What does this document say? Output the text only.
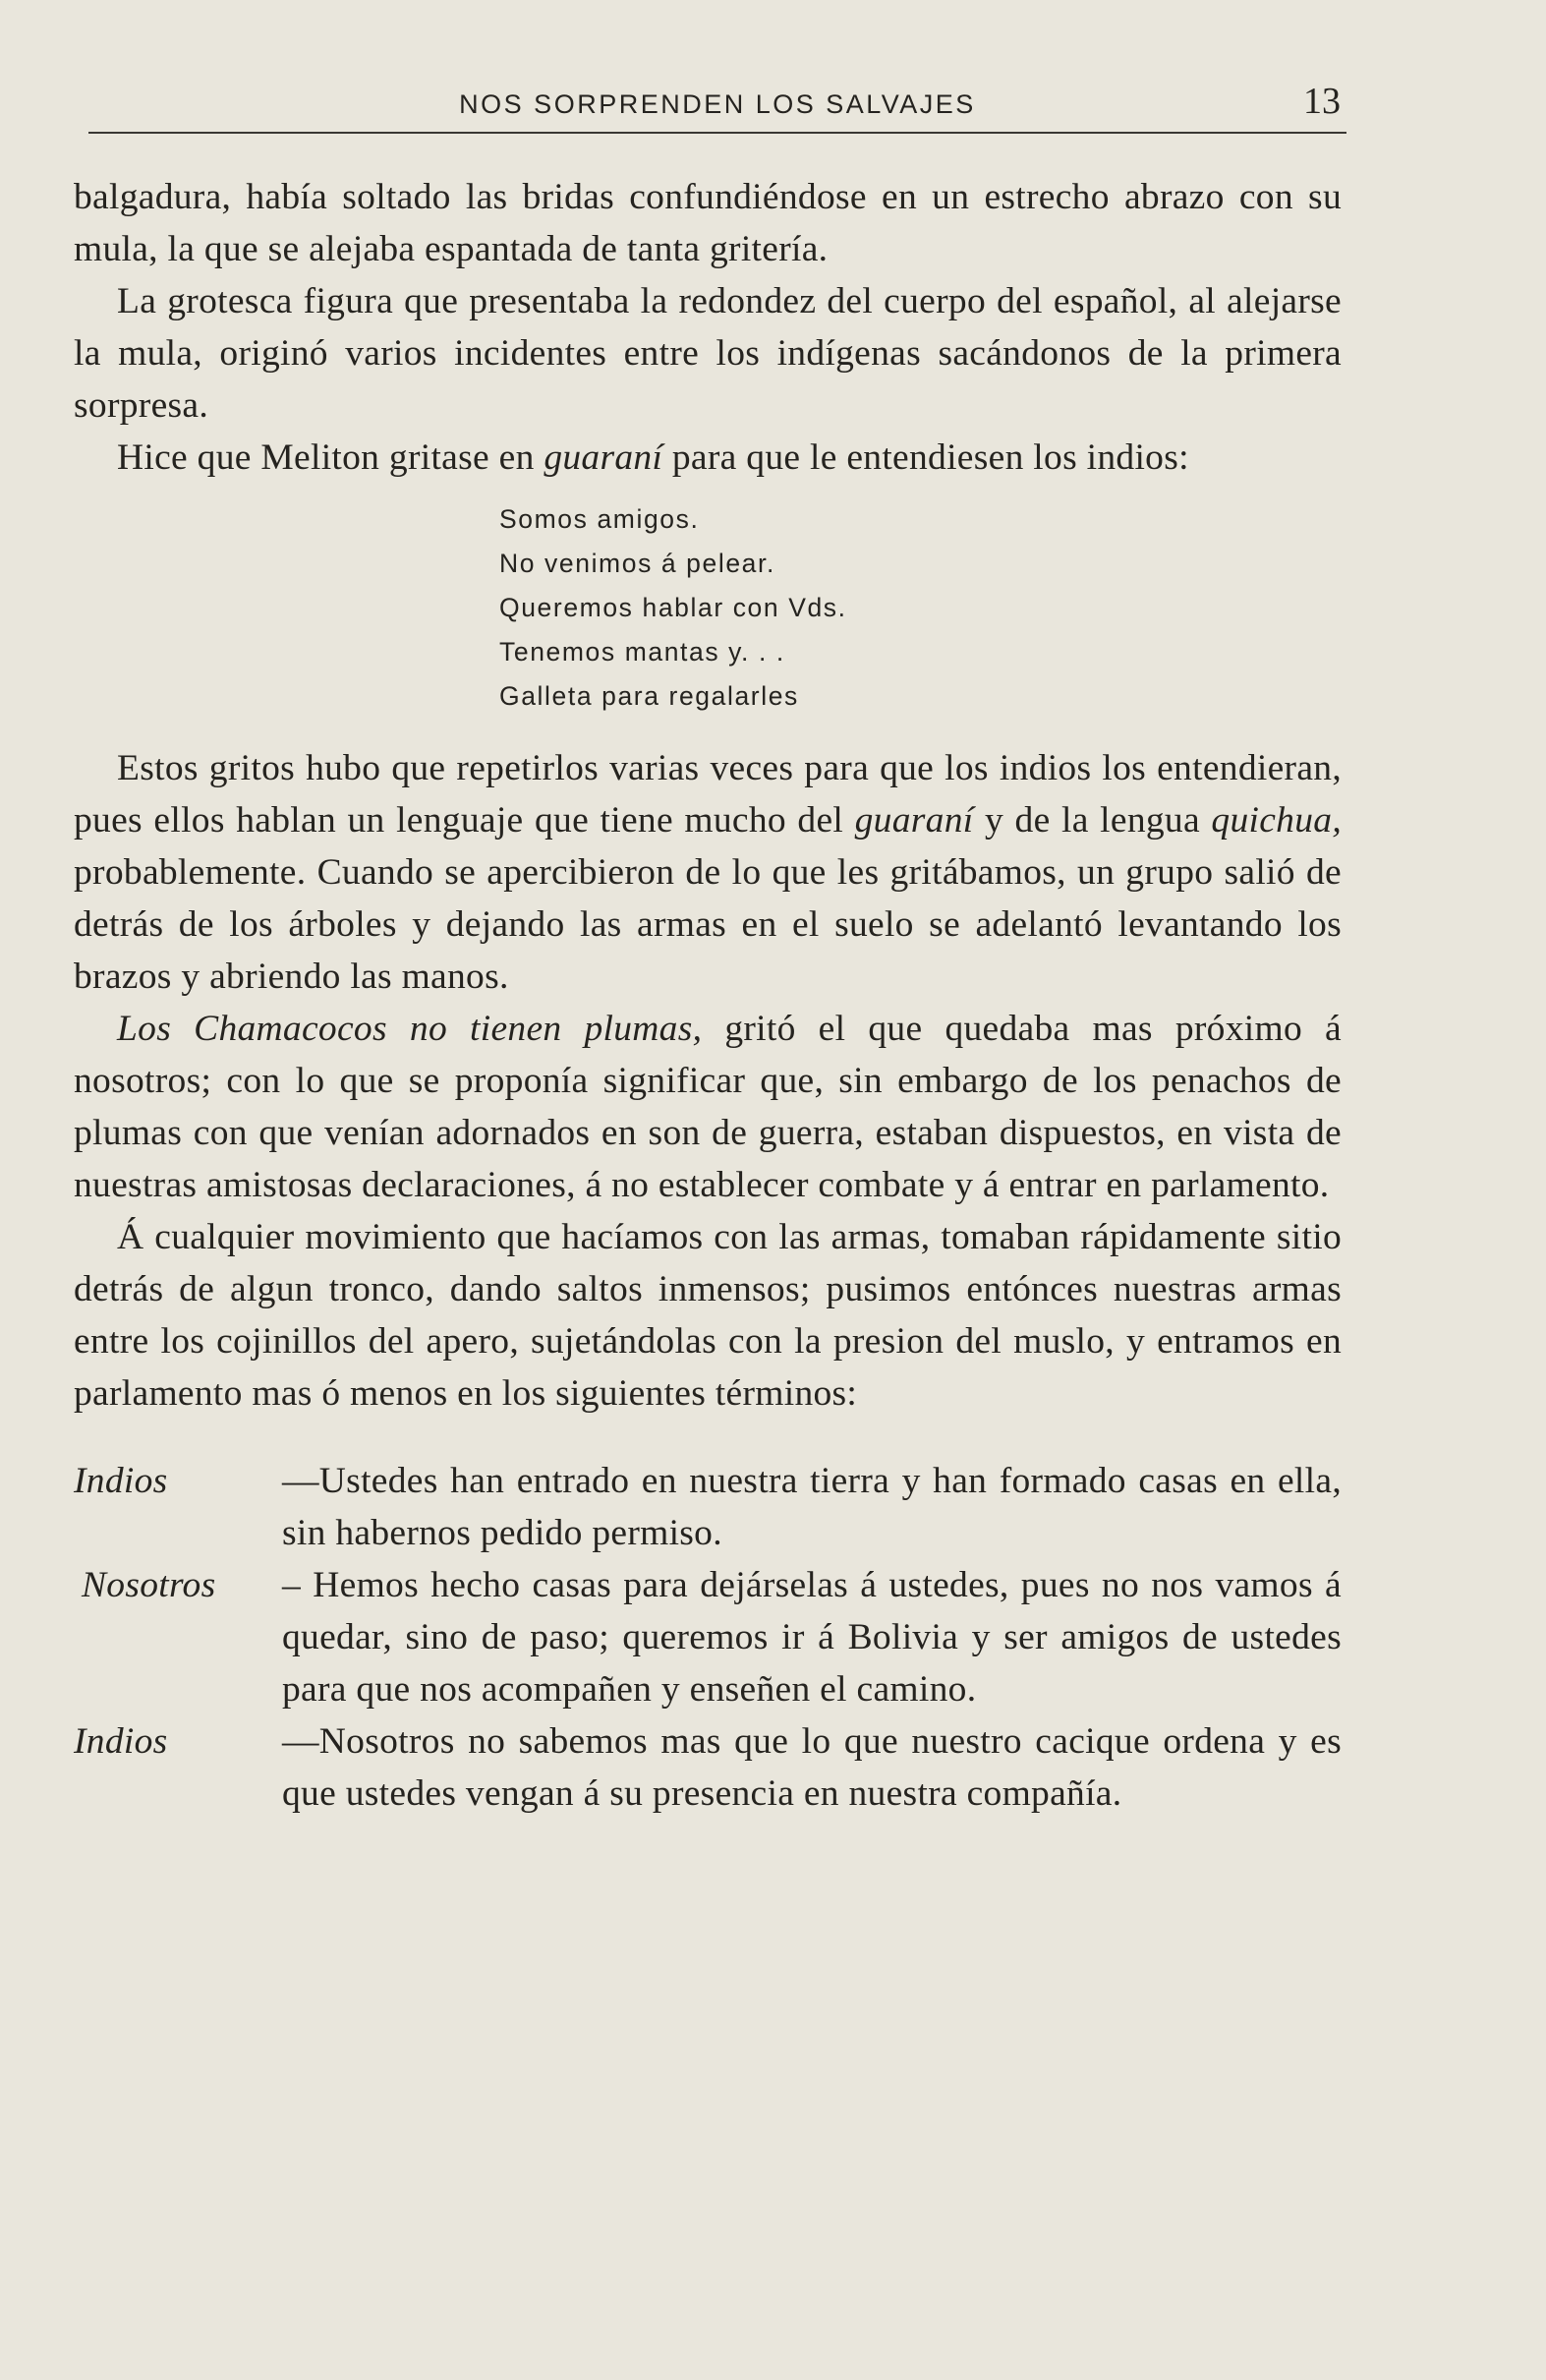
NOS SORPRENDEN LOS SALVAJES	13

balgadura, había soltado las bridas confundiéndose en un estrecho abrazo con su mula, la que se alejaba espantada de tanta gritería.

La grotesca figura que presentaba la redondez del cuerpo del español, al alejarse la mula, originó varios incidentes entre los indígenas sacándonos de la primera sorpresa.

Hice que Meliton gritase en guaraní para que le entendiesen los indios:

Somos amigos.
No venimos á pelear.
Queremos hablar con Vds.
Tenemos mantas y. . .
Galleta para regalarles

Estos gritos hubo que repetirlos varias veces para que los indios los entendieran, pues ellos hablan un lenguaje que tiene mucho del guaraní y de la lengua quichua, probablemente. Cuando se apercibieron de lo que les gritábamos, un grupo salió de detrás de los árboles y dejando las armas en el suelo se adelantó levantando los brazos y abriendo las manos.

Los Chamacocos no tienen plumas, gritó el que quedaba mas próximo á nosotros; con lo que se proponía significar que, sin embargo de los penachos de plumas con que venían adornados en son de guerra, estaban dispuestos, en vista de nuestras amistosas declaraciones, á no establecer combate y á entrar en parlamento.

Á cualquier movimiento que hacíamos con las armas, tomaban rápidamente sitio detrás de algun tronco, dando saltos inmensos; pusimos entónces nuestras armas entre los cojinillos del apero, sujetándolas con la presion del muslo, y entramos en parlamento mas ó menos en los siguientes términos:

Indios	—Ustedes han entrado en nuestra tierra y han formado casas en ella, sin habernos pedido permiso.
Nosotros	– Hemos hecho casas para dejárselas á ustedes, pues no nos vamos á quedar, sino de paso; queremos ir á Bolivia y ser amigos de ustedes para que nos acompañen y enseñen el camino.
Indios	—Nosotros no sabemos mas que lo que nuestro cacique ordena y es que ustedes vengan á su presencia en nuestra compañía.
